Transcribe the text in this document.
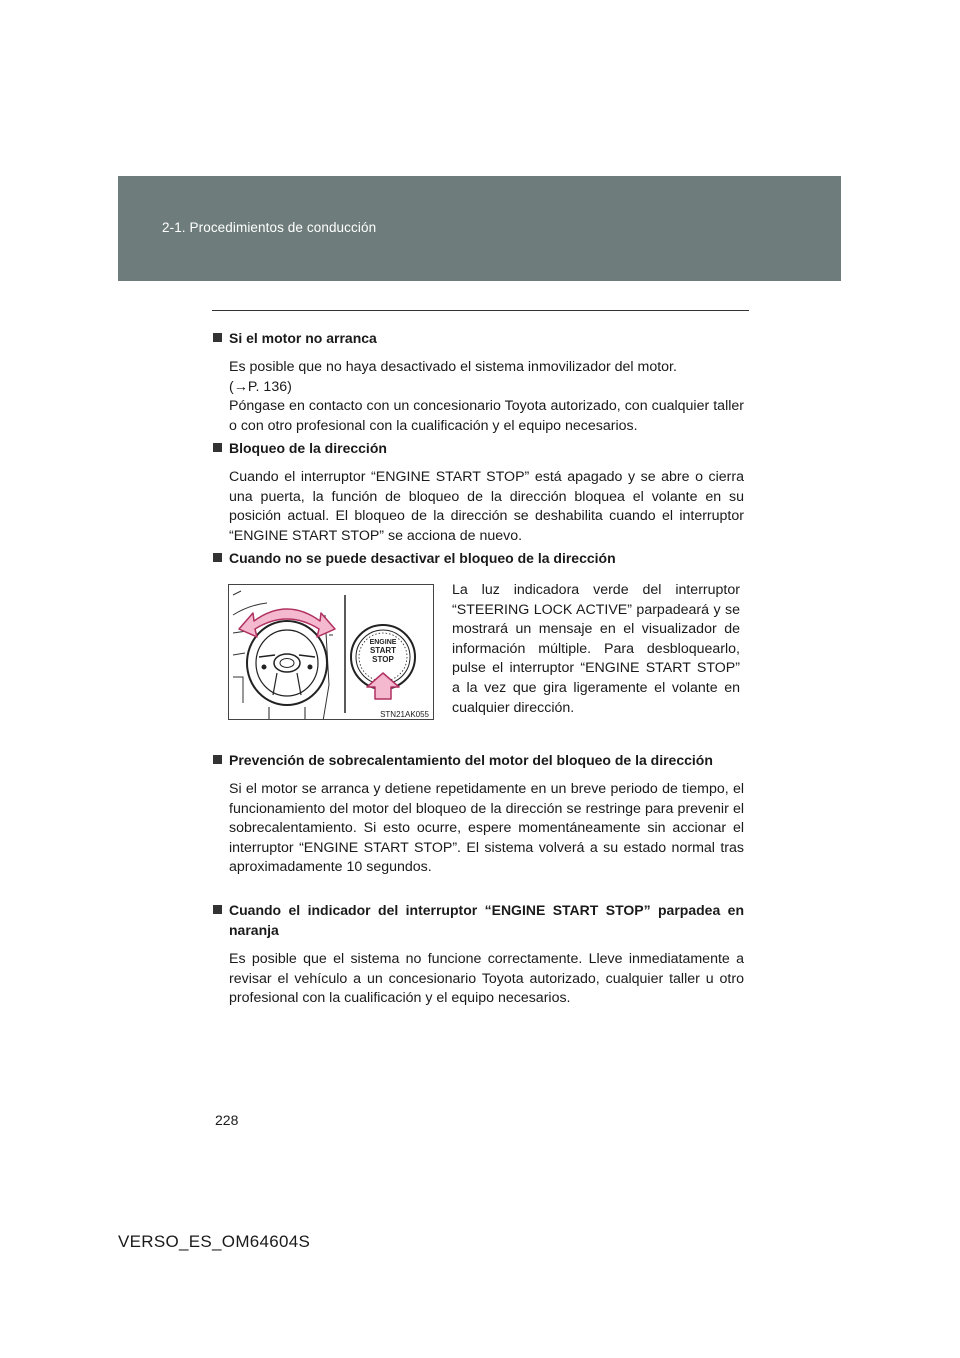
2-1. Procedimientos de conducción
Si el motor no arranca
Es posible que no haya desactivado el sistema inmovilizador del motor.
(→P. 136)
Póngase en contacto con un concesionario Toyota autorizado, con cualquier taller o con otro profesional con la cualificación y el equipo necesarios.
Bloqueo de la dirección
Cuando el interruptor “ENGINE START STOP” está apagado y se abre o cierra una puerta, la función de bloqueo de la dirección bloquea el volante en su posición actual. El bloqueo de la dirección se deshabilita cuando el interruptor “ENGINE START STOP” se acciona de nuevo.
Cuando no se puede desactivar el bloqueo de la dirección
ENGINE
START
STOP
STN21AK055
La luz indicadora verde del interruptor “STEERING LOCK ACTIVE” parpadeará y se mostrará un mensaje en el visualizador de información múltiple. Para desbloquearlo, pulse el interruptor “ENGINE START STOP” a la vez que gira ligeramente el volante en cualquier dirección.
Prevención de sobrecalentamiento del motor del bloqueo de la dirección
Si el motor se arranca y detiene repetidamente en un breve periodo de tiempo, el funcionamiento del motor del bloqueo de la dirección se restringe para prevenir el sobrecalentamiento. Si esto ocurre, espere momentáneamente sin accionar el interruptor “ENGINE START STOP”. El sistema volverá a su estado normal tras aproximadamente 10 segundos.
Cuando el indicador del interruptor “ENGINE START STOP” parpadea en naranja
Es posible que el sistema no funcione correctamente. Lleve inmediatamente a revisar el vehículo a un concesionario Toyota autorizado, cualquier taller u otro profesional con la cualificación y el equipo necesarios.
228
VERSO_ES_OM64604S
